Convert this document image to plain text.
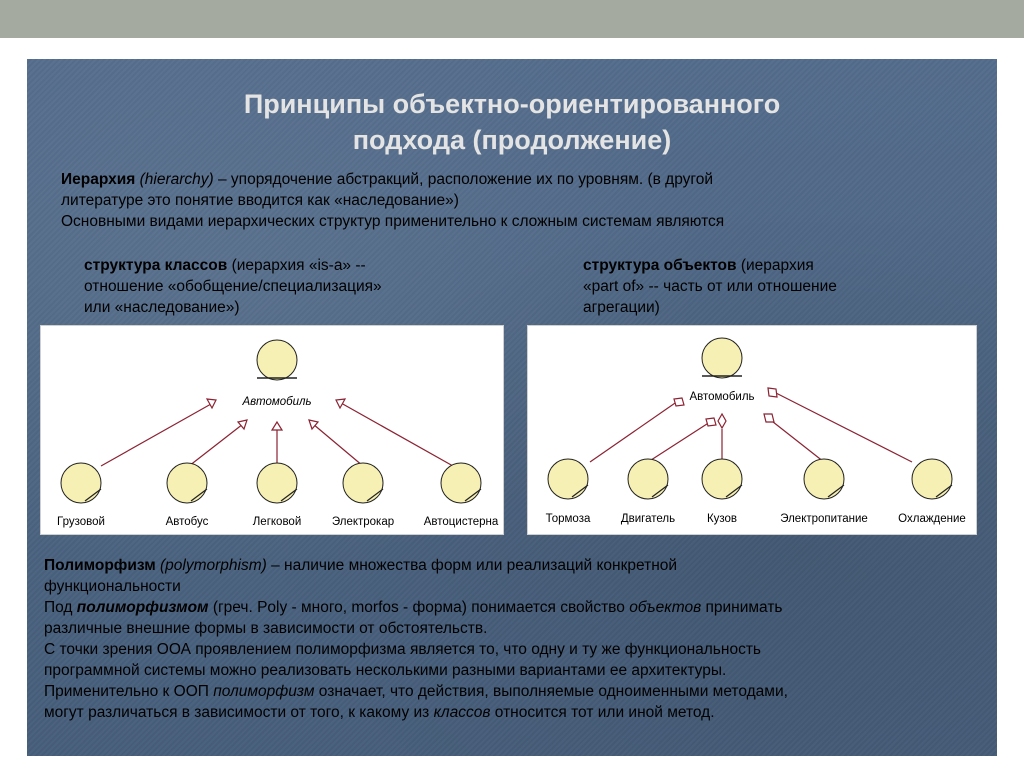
Принципы объектно-ориентированного
подхода (продолжение)
Иерархия (hierarchy) – упорядочение абстракций, расположение их по уровням. (в другой
литературе это понятие вводится как «наследование»)
Основными видами иерархических структур применительно к сложным системам являются
структура классов (иерархия «is-a» --
отношение «обобщение/специализация»
или «наследование»)
структура объектов (иерархия
«part of» -- часть от или отношение
агрегации)
Автомобиль
Грузовой	Автобус	Легковой	Электрокар	Автоцистерна
Автомобиль
Тормоза	Двигатель	Кузов	Электропитание	Охлаждение
Полиморфизм (polymorphism) – наличие множества форм или реализаций конкретной
функциональности
Под полиморфизмом (греч. Poly - много, morfos - форма) понимается свойство объектов принимать
различные внешние формы в зависимости от обстоятельств.
С точки зрения ООА проявлением полиморфизма является то, что одну и ту же функциональность
программной системы можно реализовать несколькими разными вариантами ее архитектуры.
Применительно к ООП полиморфизм означает, что действия, выполняемые одноименными методами,
могут различаться в зависимости от того, к какому из классов относится тот или иной метод.
